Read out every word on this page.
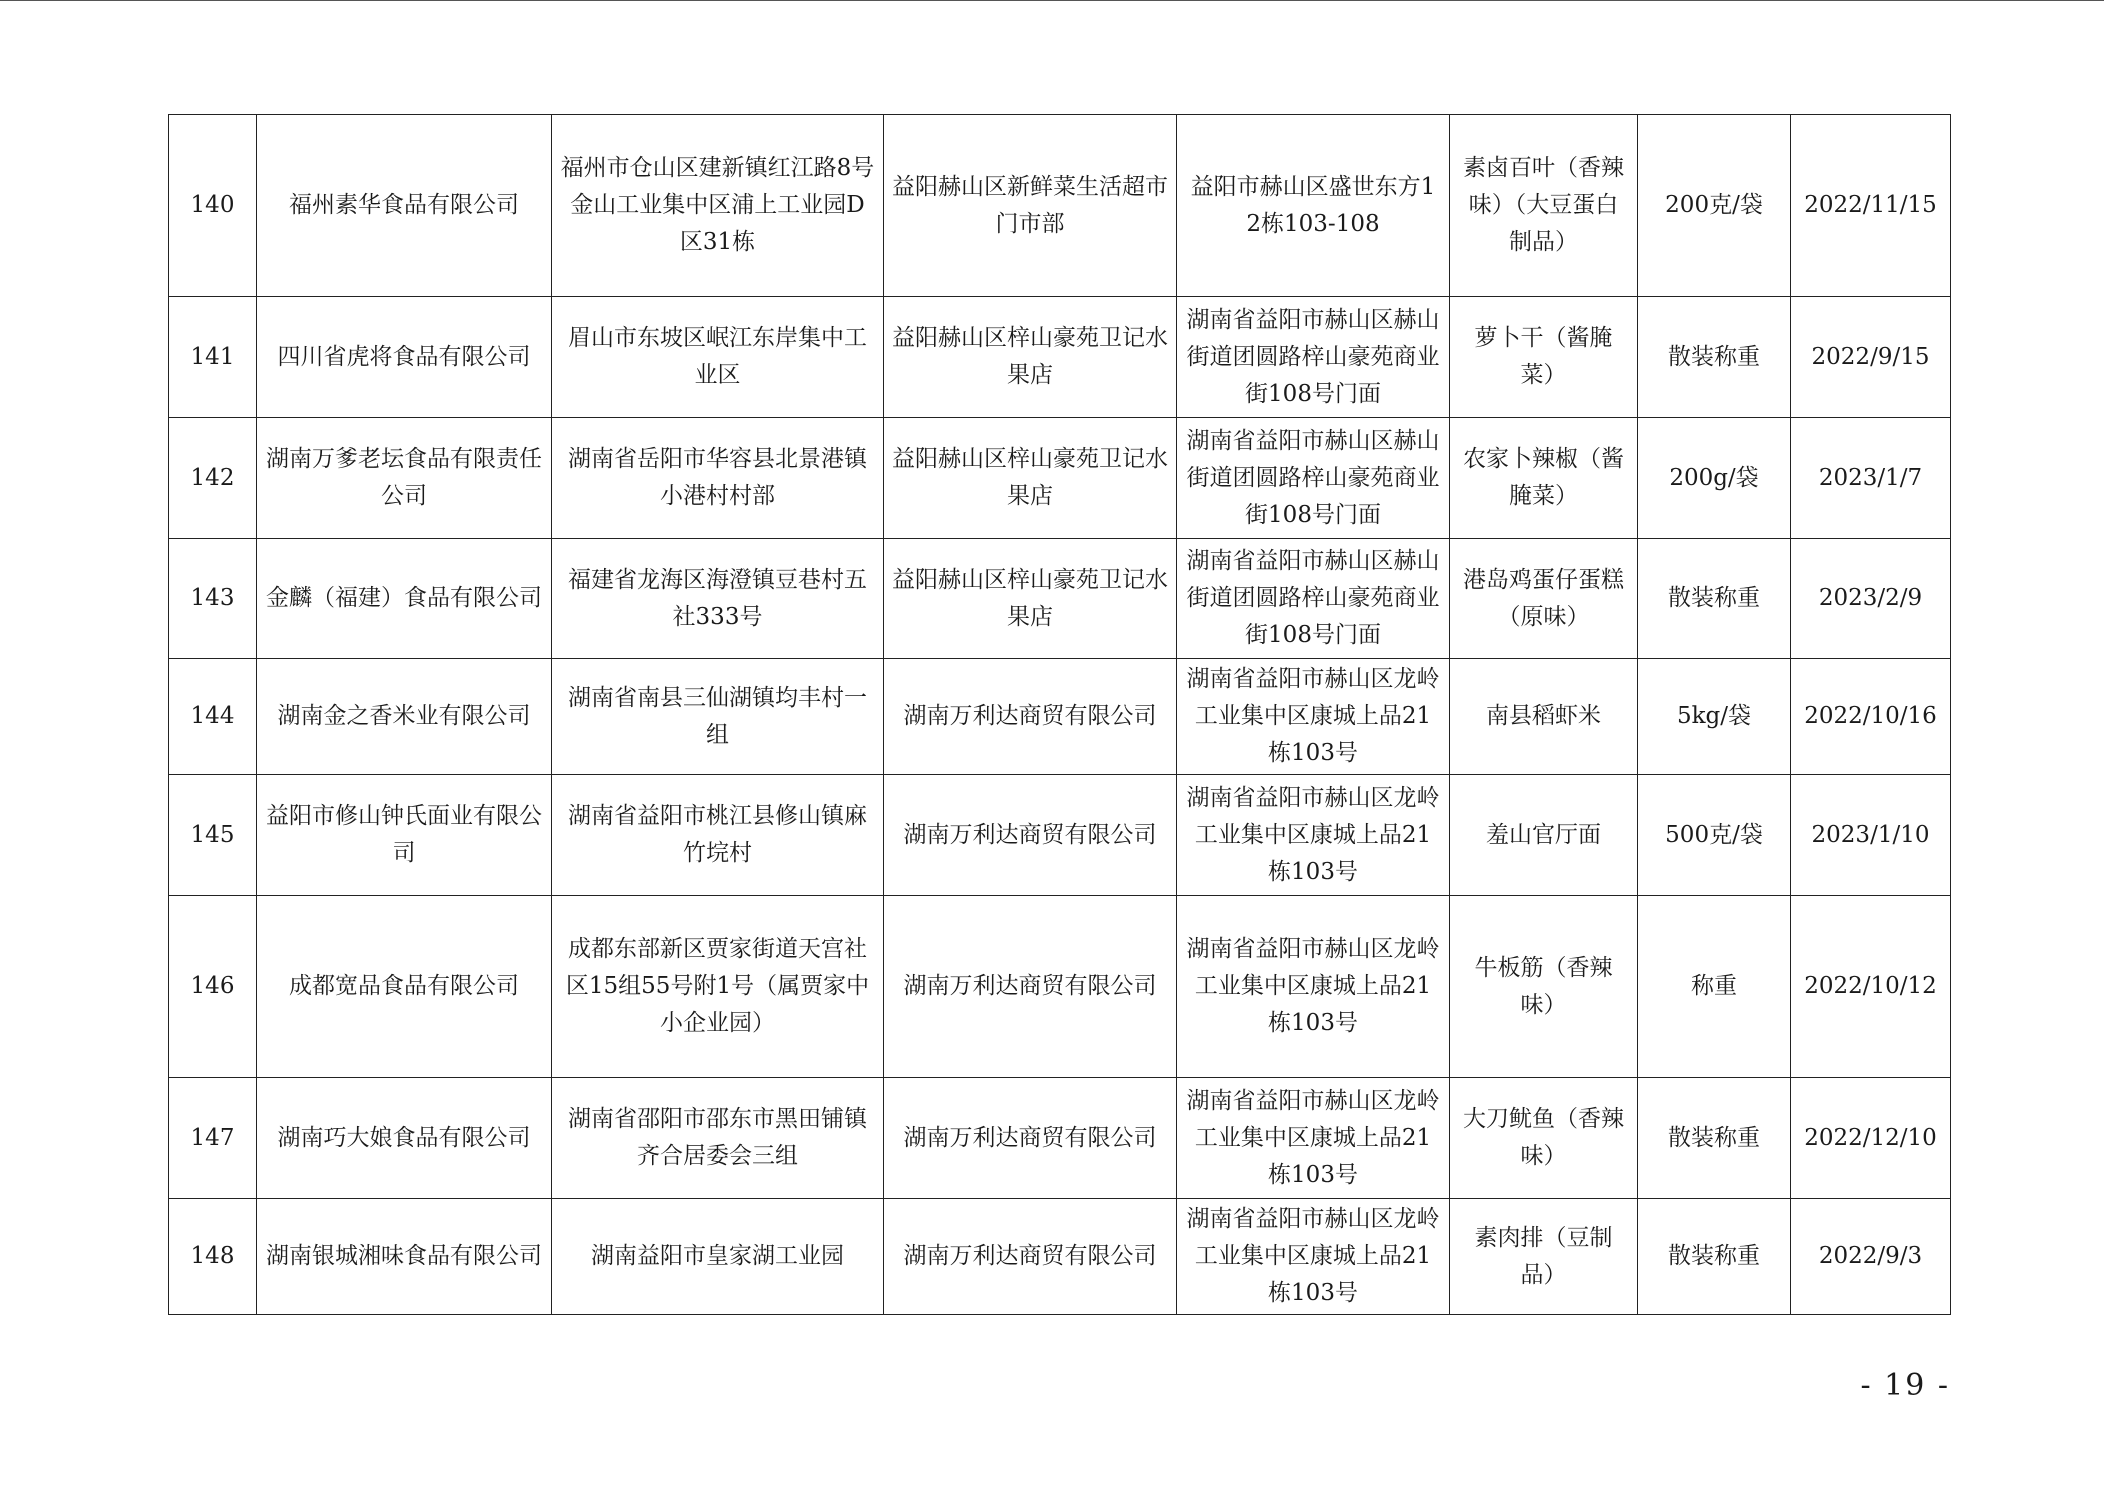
140	福州素华食品有限公司	福州市仓山区建新镇红江路8号金山工业集中区浦上工业园D区31栋	益阳赫山区新鲜菜生活超市门市部	益阳市赫山区盛世东方12栋103-108	素卤百叶（香辣味）（大豆蛋白制品）	200克/袋	2022/11/15
141	四川省虎将食品有限公司	眉山市东坡区岷江东岸集中工业区	益阳赫山区梓山豪苑卫记水果店	湖南省益阳市赫山区赫山街道团圆路梓山豪苑商业街108号门面	萝卜干（酱腌菜）	散装称重	2022/9/15
142	湖南万爹老坛食品有限责任公司	湖南省岳阳市华容县北景港镇小港村村部	益阳赫山区梓山豪苑卫记水果店	湖南省益阳市赫山区赫山街道团圆路梓山豪苑商业街108号门面	农家卜辣椒（酱腌菜）	200g/袋	2023/1/7
143	金麟（福建）食品有限公司	福建省龙海区海澄镇豆巷村五社333号	益阳赫山区梓山豪苑卫记水果店	湖南省益阳市赫山区赫山街道团圆路梓山豪苑商业街108号门面	港岛鸡蛋仔蛋糕（原味）	散装称重	2023/2/9
144	湖南金之香米业有限公司	湖南省南县三仙湖镇均丰村一组	湖南万利达商贸有限公司	湖南省益阳市赫山区龙岭工业集中区康城上品21栋103号	南县稻虾米	5kg/袋	2022/10/16
145	益阳市修山钟氏面业有限公司	湖南省益阳市桃江县修山镇麻竹垸村	湖南万利达商贸有限公司	湖南省益阳市赫山区龙岭工业集中区康城上品21栋103号	羞山官厅面	500克/袋	2023/1/10
146	成都宽品食品有限公司	成都东部新区贾家街道天宫社区15组55号附1号（属贾家中小企业园）	湖南万利达商贸有限公司	湖南省益阳市赫山区龙岭工业集中区康城上品21栋103号	牛板筋（香辣味）	称重	2022/10/12
147	湖南巧大娘食品有限公司	湖南省邵阳市邵东市黑田铺镇齐合居委会三组	湖南万利达商贸有限公司	湖南省益阳市赫山区龙岭工业集中区康城上品21栋103号	大刀鱿鱼（香辣味）	散装称重	2022/12/10
148	湖南银城湘味食品有限公司	湖南益阳市皇家湖工业园	湖南万利达商贸有限公司	湖南省益阳市赫山区龙岭工业集中区康城上品21栋103号	素肉排（豆制品）	散装称重	2022/9/3
- 19 -
